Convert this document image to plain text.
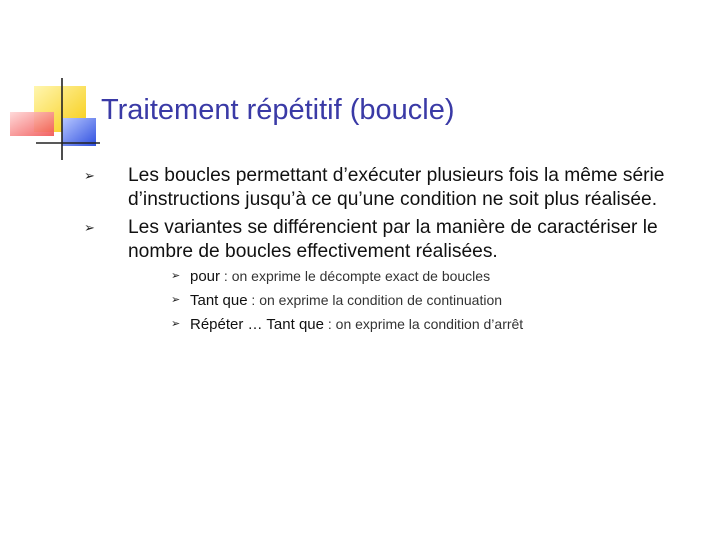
Traitement répétitif (boucle)
➢ Les boucles permettant d’exécuter plusieurs fois la même série
d’instructions jusqu’à ce qu’une condition ne soit plus réalisée.
➢ Les variantes se différencient par la manière de caractériser le
nombre de boucles effectivement réalisées.
➢ pour : on exprime le décompte exact de boucles
➢ Tant que : on exprime la condition de continuation
➢ Répéter … Tant que : on exprime la condition d’arrêt
